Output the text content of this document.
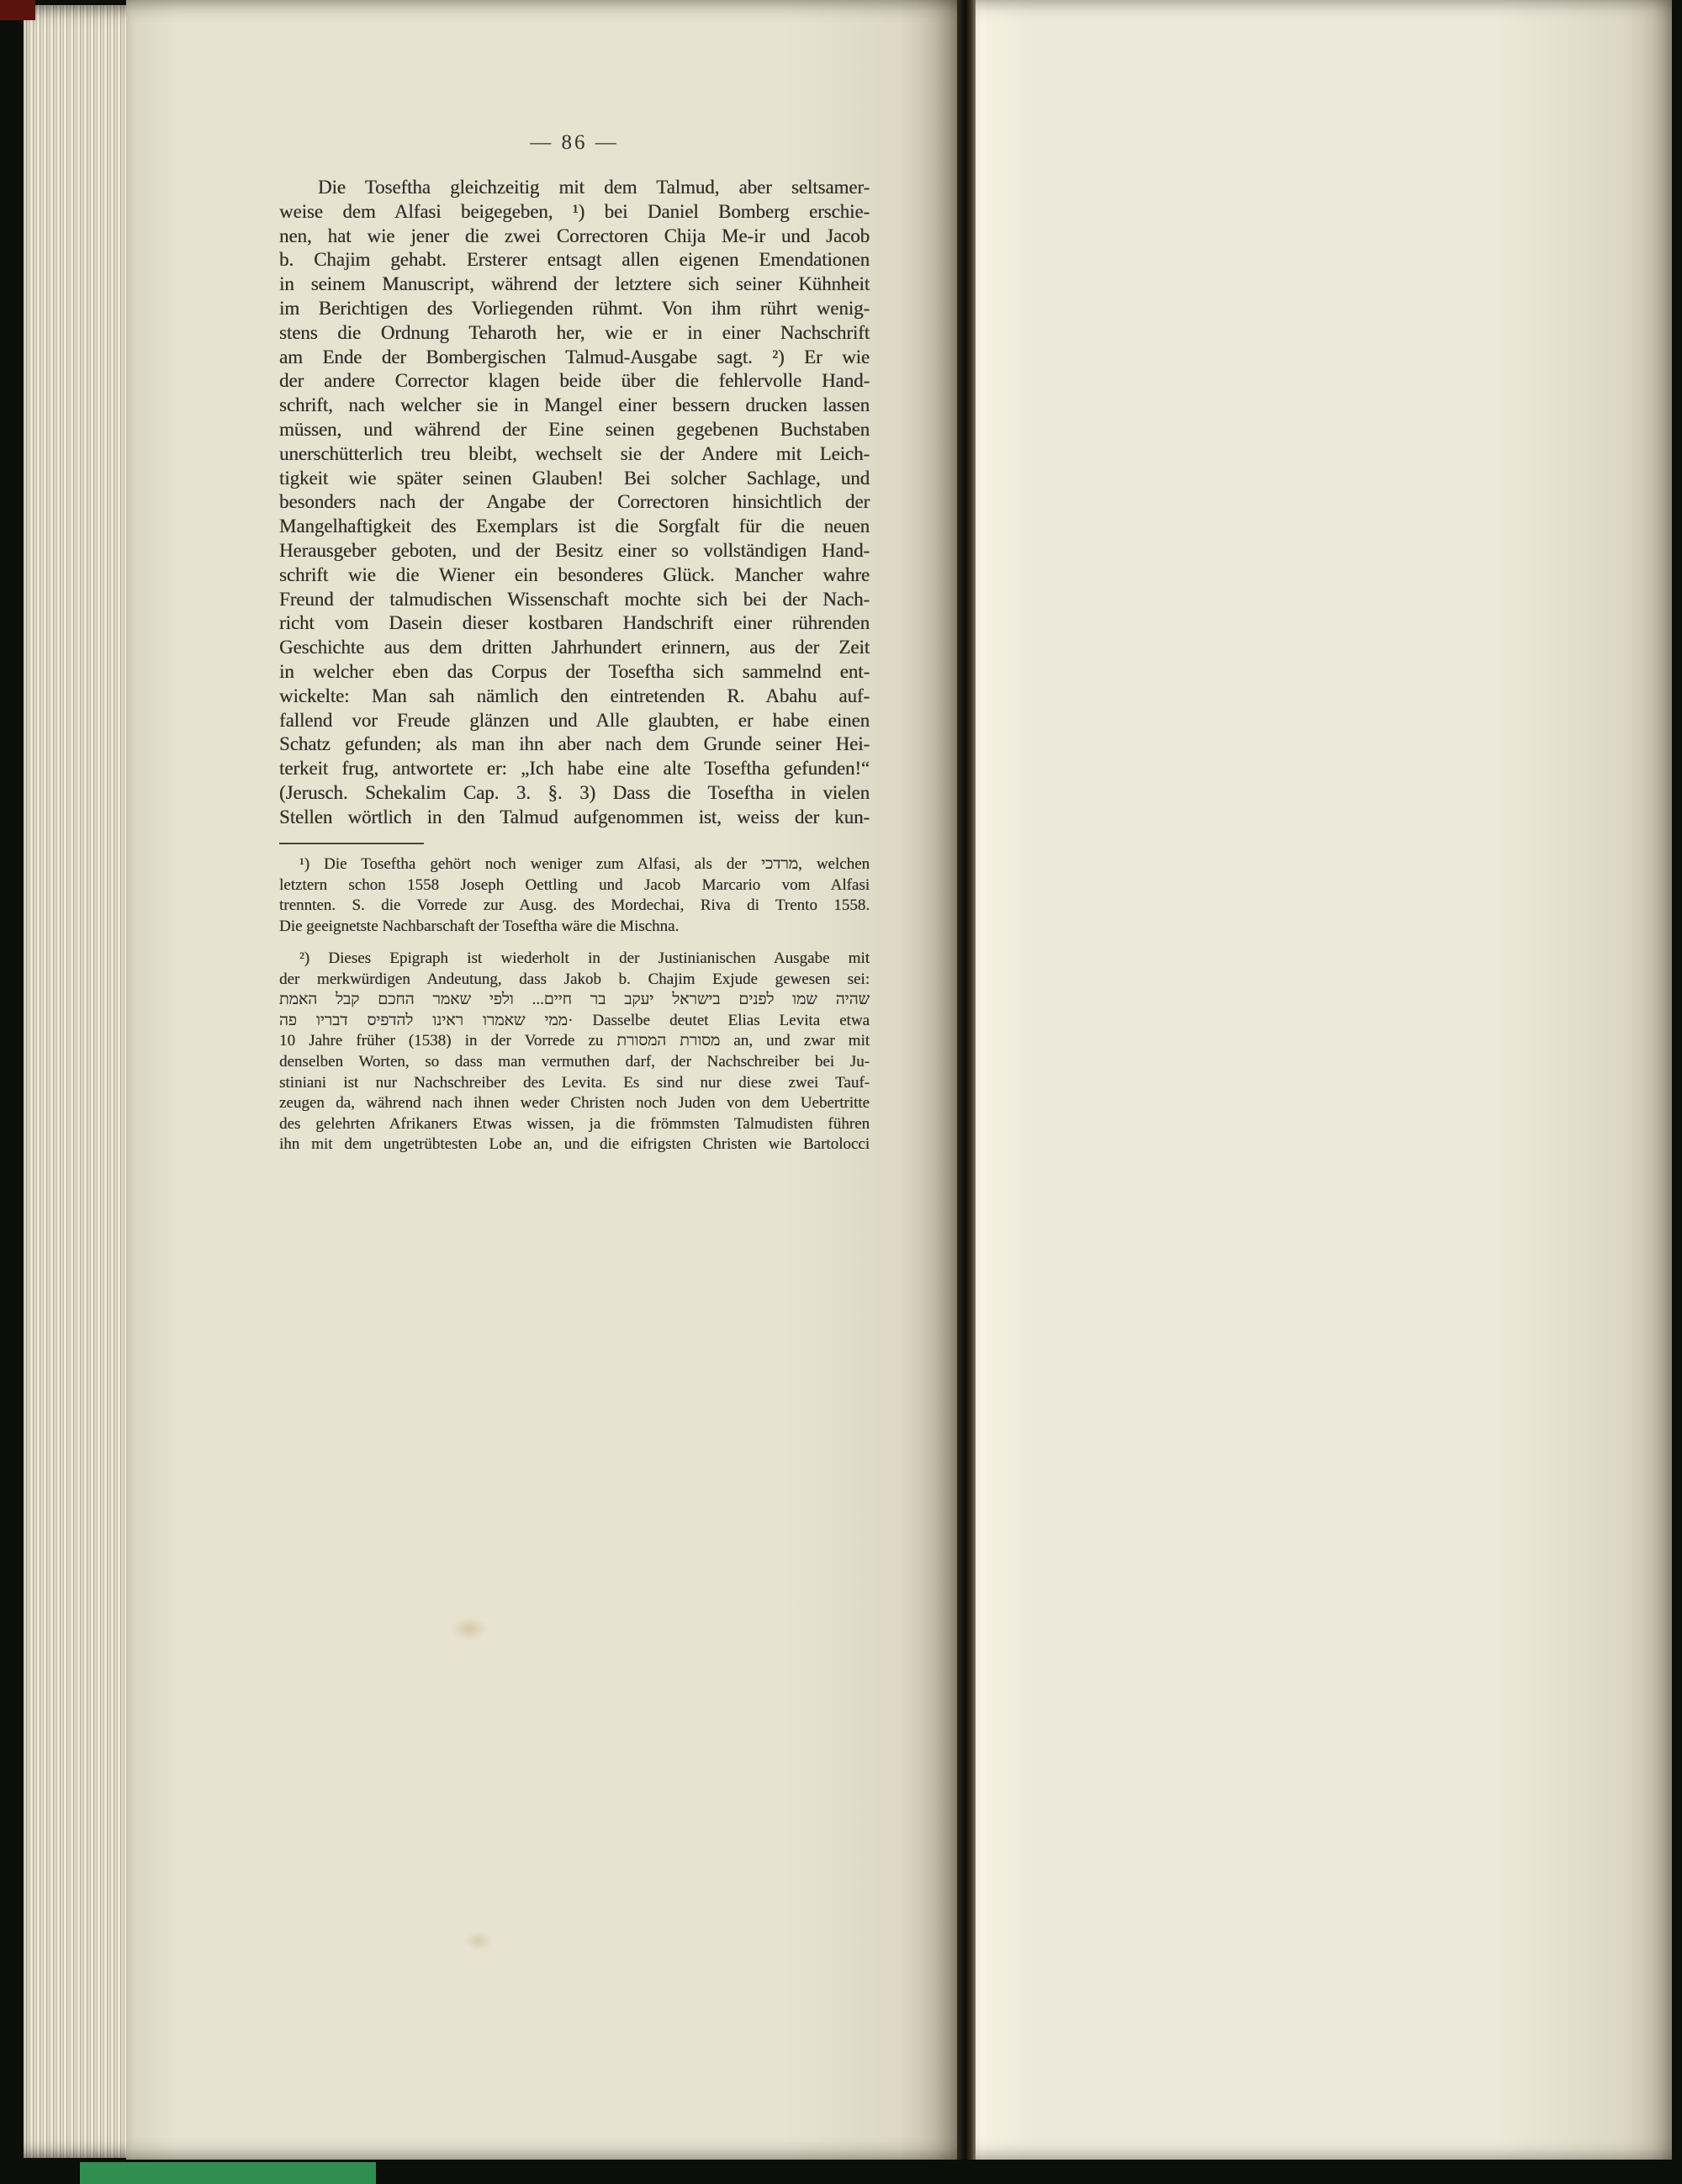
— 86 —
Die Toseftha gleichzeitig mit dem Talmud, aber seltsamer-
weise dem Alfasi beigegeben, ¹) bei Daniel Bomberg erschie-
nen, hat wie jener die zwei Correctoren Chija Me-ir und Jacob
b. Chajim gehabt. Ersterer entsagt allen eigenen Emendationen
in seinem Manuscript, während der letztere sich seiner Kühnheit
im Berichtigen des Vorliegenden rühmt. Von ihm rührt wenig-
stens die Ordnung Teharoth her, wie er in einer Nachschrift
am Ende der Bombergischen Talmud-Ausgabe sagt. ²) Er wie
der andere Corrector klagen beide über die fehlervolle Hand-
schrift, nach welcher sie in Mangel einer bessern drucken lassen
müssen, und während der Eine seinen gegebenen Buchstaben
unerschütterlich treu bleibt, wechselt sie der Andere mit Leich-
tigkeit wie später seinen Glauben! Bei solcher Sachlage, und
besonders nach der Angabe der Correctoren hinsichtlich der
Mangelhaftigkeit des Exemplars ist die Sorgfalt für die neuen
Herausgeber geboten, und der Besitz einer so vollständigen Hand-
schrift wie die Wiener ein besonderes Glück. Mancher wahre
Freund der talmudischen Wissenschaft mochte sich bei der Nach-
richt vom Dasein dieser kostbaren Handschrift einer rührenden
Geschichte aus dem dritten Jahrhundert erinnern, aus der Zeit
in welcher eben das Corpus der Toseftha sich sammelnd ent-
wickelte: Man sah nämlich den eintretenden R. Abahu auf-
fallend vor Freude glänzen und Alle glaubten, er habe einen
Schatz gefunden; als man ihn aber nach dem Grunde seiner Hei-
terkeit frug, antwortete er: „Ich habe eine alte Toseftha gefunden!“
(Jerusch. Schekalim Cap. 3. §. 3) Dass die Toseftha in vielen
Stellen wörtlich in den Talmud aufgenommen ist, weiss der kun-
¹) Die Toseftha gehört noch weniger zum Alfasi, als der מרדכי, welchen
letztern schon 1558 Joseph Oettling und Jacob Marcario vom Alfasi
trennten. S. die Vorrede zur Ausg. des Mordechai, Riva di Trento 1558.
Die geeignetste Nachbarschaft der Toseftha wäre die Mischna.
²) Dieses Epigraph ist wiederholt in der Justinianischen Ausgabe mit
der merkwürdigen Andeutung, dass Jakob b. Chajim Exjude gewesen sei:
שהיה שמו לפנים בישראל יעקב בר חיים... ולפי שאמר החכם קבל האמת
ממי שאמרו ראינו להדפיס דבריו פה· Dasselbe deutet Elias Levita etwa
10 Jahre früher (1538) in der Vorrede zu מסורת המסורת an, und zwar mit
denselben Worten, so dass man vermuthen darf, der Nachschreiber bei Ju-
stiniani ist nur Nachschreiber des Levita. Es sind nur diese zwei Tauf-
zeugen da, während nach ihnen weder Christen noch Juden von dem Uebertritte
des gelehrten Afrikaners Etwas wissen, ja die frömmsten Talmudisten führen
ihn mit dem ungetrübtesten Lobe an, und die eifrigsten Christen wie Bartolocci
